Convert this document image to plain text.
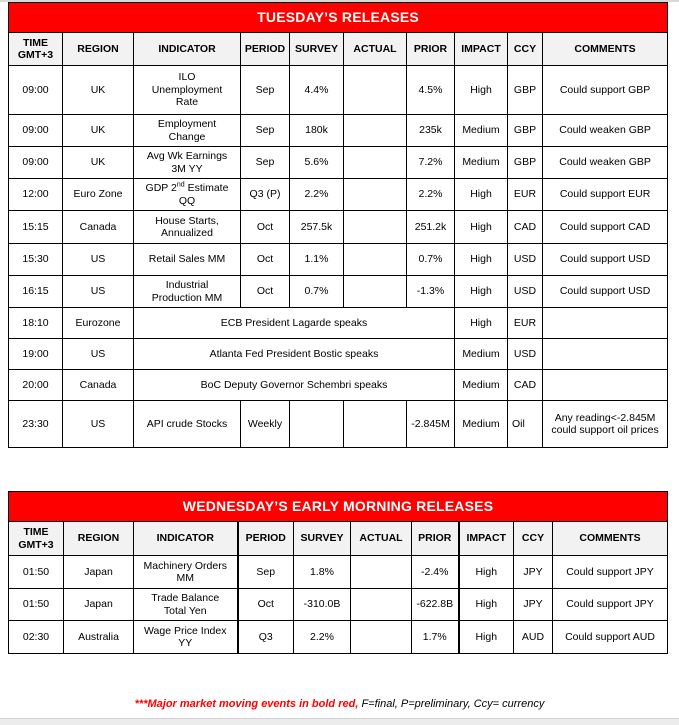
TUESDAY’S RELEASES									
TIME
GMT+3	REGION	INDICATOR	PERIOD	SURVEY	ACTUAL	PRIOR	IMPACT	CCY	COMMENTS
09:00	UK	ILO Unemployment Rate	Sep	4.4%		4.5%	High	GBP	Could support GBP
09:00	UK	Employment Change	Sep	180k		235k	Medium	GBP	Could weaken GBP
09:00	UK	Avg Wk Earnings 3M YY	Sep	5.6%		7.2%	Medium	GBP	Could weaken GBP
12:00	Euro Zone	GDP 2nd Estimate QQ	Q3 (P)	2.2%		2.2%	High	EUR	Could support EUR
15:15	Canada	House Starts, Annualized	Oct	257.5k		251.2k	High	CAD	Could support CAD
15:30	US	Retail Sales MM	Oct	1.1%		0.7%	High	USD	Could support USD
16:15	US	Industrial Production MM	Oct	0.7%		-1.3%	High	USD	Could support USD
18:10	Eurozone	ECB President Lagarde speaks					High	EUR	
19:00	US	Atlanta Fed President Bostic speaks					Medium	USD	
20:00	Canada	BoC Deputy Governor Schembri speaks					Medium	CAD	
23:30	US	API crude Stocks	Weekly			-2.845M	Medium	Oil	Any reading<-2.845M could support oil prices
WEDNESDAY’S EARLY MORNING RELEASES									
TIME
GMT+3	REGION	INDICATOR	PERIOD	SURVEY	ACTUAL	PRIOR	IMPACT	CCY	COMMENTS
01:50	Japan	Machinery Orders MM	Sep	1.8%		-2.4%	High	JPY	Could support JPY
01:50	Japan	Trade Balance Total Yen	Oct	-310.0B		-622.8B	High	JPY	Could support JPY
02:30	Australia	Wage Price Index YY	Q3	2.2%		1.7%	High	AUD	Could support AUD
***Major market moving events in bold red, F=final, P=preliminary, Ccy= currency
